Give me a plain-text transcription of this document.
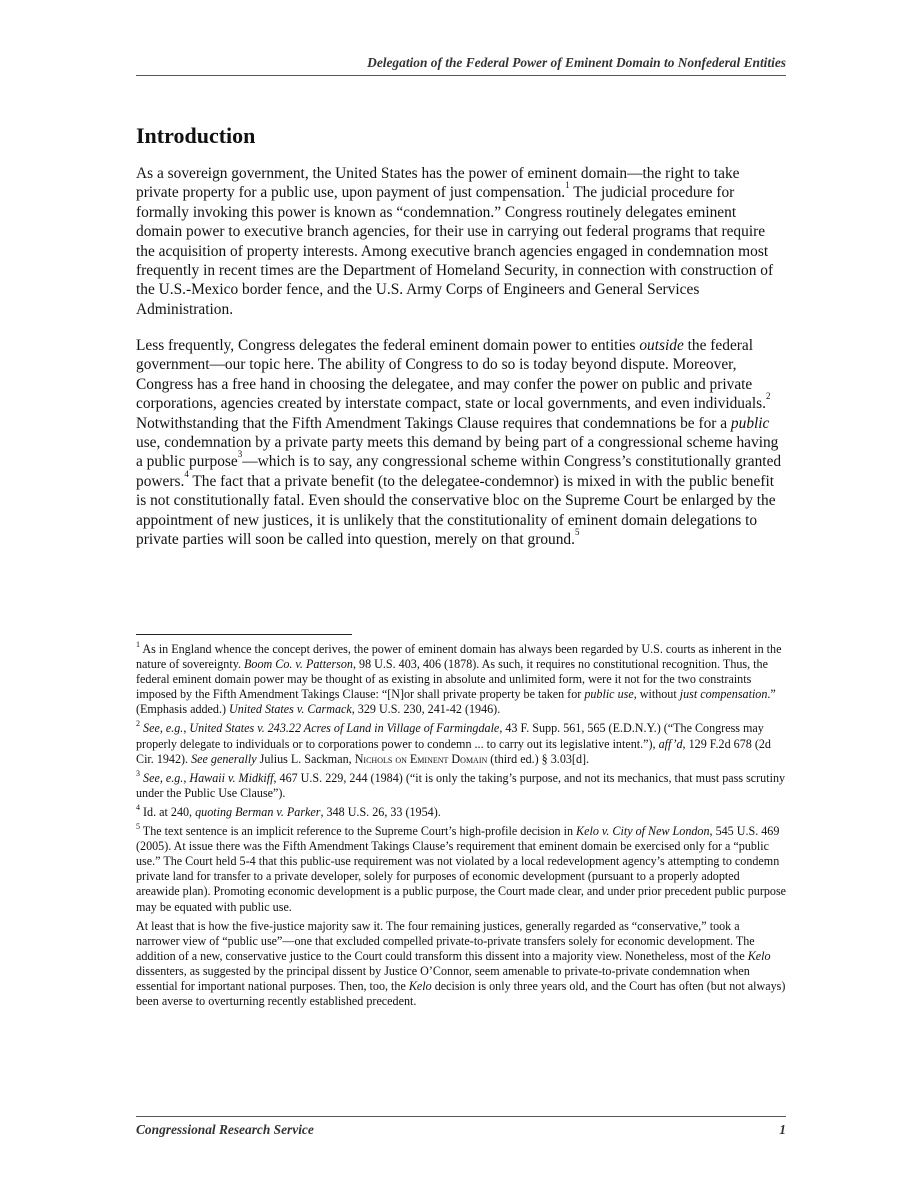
Delegation of the Federal Power of Eminent Domain to Nonfederal Entities
Introduction

As a sovereign government, the United States has the power of eminent domain—the right to take private property for a public use, upon payment of just compensation.$^1$ The judicial procedure for formally invoking this power is known as “condemnation.” Congress routinely delegates eminent domain power to executive branch agencies, for their use in carrying out federal programs that require the acquisition of property interests. Among executive branch agencies engaged in condemnation most frequently in recent times are the Department of Homeland Security, in connection with construction of the U.S.-Mexico border fence, and the U.S. Army Corps of Engineers and General Services Administration.

Less frequently, Congress delegates the federal eminent domain power to entities outside the federal government—our topic here. The ability of Congress to do so is today beyond dispute. Moreover, Congress has a free hand in choosing the delegatee, and may confer the power on public and private corporations, agencies created by interstate compact, state or local governments, and even individuals.$^2$ Notwithstanding that the Fifth Amendment Takings Clause requires that condemnations be for a public use, condemnation by a private party meets this demand by being part of a congressional scheme having a public purpose$^3$—which is to say, any congressional scheme within Congress’s constitutionally granted powers.$^4$ The fact that a private benefit (to the delegatee-condemnor) is mixed in with the public benefit is not constitutionally fatal. Even should the conservative bloc on the Supreme Court be enlarged by the appointment of new justices, it is unlikely that the constitutionality of eminent domain delegations to private parties will soon be called into question, merely on that ground.$^5$

$^1$ As in England whence the concept derives, the power of eminent domain has always been regarded by U.S. courts as inherent in the nature of sovereignty. Boom Co. v. Patterson, 98 U.S. 403, 406 (1878). As such, it requires no constitutional recognition. Thus, the federal eminent domain power may be thought of as existing in absolute and unlimited form, were it not for the two constraints imposed by the Fifth Amendment Takings Clause: “[N]or shall private property be taken for public use, without just compensation.” (Emphasis added.) United States v. Carmack, 329 U.S. 230, 241-42 (1946).

$^2$ See, e.g., United States v. 243.22 Acres of Land in Village of Farmingdale, 43 F. Supp. 561, 565 (E.D.N.Y.) (“The Congress may properly delegate to individuals or to corporations power to condemn ... to carry out its legislative intent.”), aff’d, 129 F.2d 678 (2d Cir. 1942). See generally Julius L. Sackman, Nichols on Eminent Domain (third ed.) § 3.03[d].

$^3$ See, e.g., Hawaii v. Midkiff, 467 U.S. 229, 244 (1984) (“it is only the taking’s purpose, and not its mechanics, that must pass scrutiny under the Public Use Clause”).

$^4$ Id. at 240, quoting Berman v. Parker, 348 U.S. 26, 33 (1954).

$^5$ The text sentence is an implicit reference to the Supreme Court’s high-profile decision in Kelo v. City of New London, 545 U.S. 469 (2005). At issue there was the Fifth Amendment Takings Clause’s requirement that eminent domain be exercised only for a “public use.” The Court held 5-4 that this public-use requirement was not violated by a local redevelopment agency’s attempting to condemn private land for transfer to a private developer, solely for purposes of economic development (pursuant to a properly adopted areawide plan). Promoting economic development is a public purpose, the Court made clear, and under prior precedent public purpose may be equated with public use.

At least that is how the five-justice majority saw it. The four remaining justices, generally regarded as “conservative,” took a narrower view of “public use”—one that excluded compelled private-to-private transfers solely for economic development. The addition of a new, conservative justice to the Court could transform this dissent into a majority view. Nonetheless, most of the Kelo dissenters, as suggested by the principal dissent by Justice O’Connor, seem amenable to private-to-private condemnation when essential for important national purposes. Then, too, the Kelo decision is only three years old, and the Court has often (but not always) been averse to overturning recently established precedent.

Congressional Research Service	1
